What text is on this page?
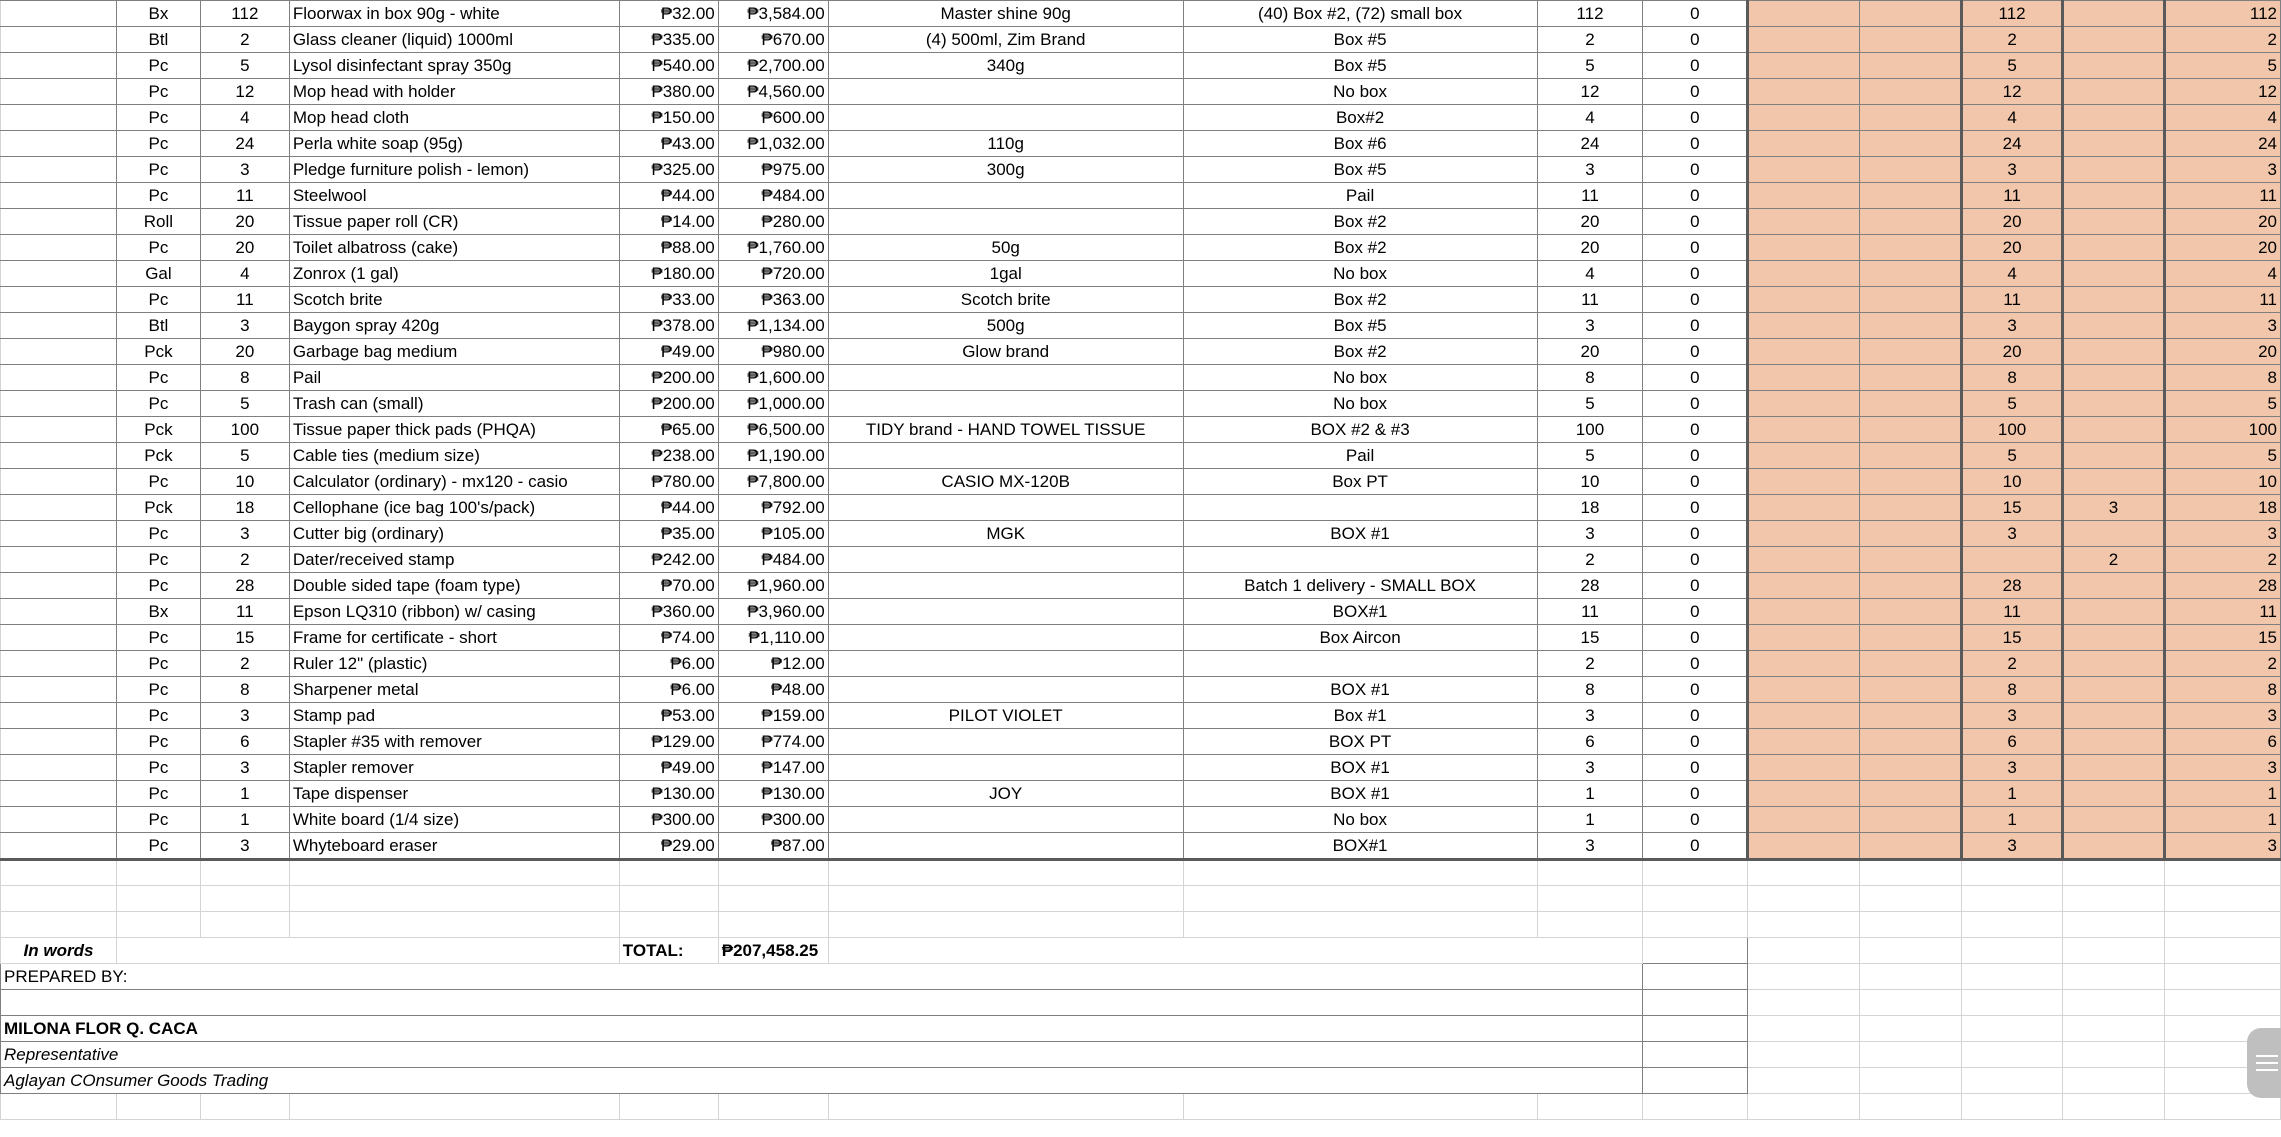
	Bx	112	Floorwax in box 90g - white	₱32.00	₱3,584.00	Master shine 90g	(40) Box #2, (72) small box	112	0			112		112
	Btl	2	Glass cleaner (liquid) 1000ml	₱335.00	₱670.00	(4) 500ml, Zim Brand	Box #5	2	0			2		2
	Pc	5	Lysol disinfectant spray 350g	₱540.00	₱2,700.00	340g	Box #5	5	0			5		5
	Pc	12	Mop head with holder	₱380.00	₱4,560.00		No box	12	0			12		12
	Pc	4	Mop head cloth	₱150.00	₱600.00		Box#2	4	0			4		4
	Pc	24	Perla white soap (95g)	₱43.00	₱1,032.00	110g	Box #6	24	0			24		24
	Pc	3	Pledge furniture polish - lemon)	₱325.00	₱975.00	300g	Box #5	3	0			3		3
	Pc	11	Steelwool	₱44.00	₱484.00		Pail	11	0			11		11
	Roll	20	Tissue paper roll (CR)	₱14.00	₱280.00		Box #2	20	0			20		20
	Pc	20	Toilet albatross (cake)	₱88.00	₱1,760.00	50g	Box #2	20	0			20		20
	Gal	4	Zonrox (1 gal)	₱180.00	₱720.00	1gal	No box	4	0			4		4
	Pc	11	Scotch brite	₱33.00	₱363.00	Scotch brite	Box #2	11	0			11		11
	Btl	3	Baygon spray 420g	₱378.00	₱1,134.00	500g	Box #5	3	0			3		3
	Pck	20	Garbage bag medium	₱49.00	₱980.00	Glow brand	Box #2	20	0			20		20
	Pc	8	Pail	₱200.00	₱1,600.00		No box	8	0			8		8
	Pc	5	Trash can (small)	₱200.00	₱1,000.00		No box	5	0			5		5
	Pck	100	Tissue paper thick pads (PHQA)	₱65.00	₱6,500.00	TIDY brand - HAND TOWEL TISSUE	BOX #2 & #3	100	0			100		100
	Pck	5	Cable ties (medium size)	₱238.00	₱1,190.00		Pail	5	0			5		5
	Pc	10	Calculator (ordinary) - mx120 - casio	₱780.00	₱7,800.00	CASIO MX-120B	Box PT	10	0			10		10
	Pck	18	Cellophane (ice bag 100's/pack)	₱44.00	₱792.00			18	0			15	3	18
	Pc	3	Cutter big (ordinary)	₱35.00	₱105.00	MGK	BOX #1	3	0			3		3
	Pc	2	Dater/received stamp	₱242.00	₱484.00			2	0				2	2
	Pc	28	Double sided tape (foam type)	₱70.00	₱1,960.00		Batch 1 delivery - SMALL BOX	28	0			28		28
	Bx	11	Epson LQ310 (ribbon) w/ casing	₱360.00	₱3,960.00		BOX#1	11	0			11		11
	Pc	15	Frame for certificate - short	₱74.00	₱1,110.00		Box Aircon	15	0			15		15
	Pc	2	Ruler 12" (plastic)	₱6.00	₱12.00			2	0			2		2
	Pc	8	Sharpener metal	₱6.00	₱48.00		BOX #1	8	0			8		8
	Pc	3	Stamp pad	₱53.00	₱159.00	PILOT VIOLET	Box #1	3	0			3		3
	Pc	6	Stapler #35 with remover	₱129.00	₱774.00		BOX PT	6	0			6		6
	Pc	3	Stapler remover	₱49.00	₱147.00		BOX #1	3	0			3		3
	Pc	1	Tape dispenser	₱130.00	₱130.00	JOY	BOX #1	1	0			1		1
	Pc	1	White board (1/4 size)	₱300.00	₱300.00		No box	1	0			1		1
	Pc	3	Whyteboard eraser	₱29.00	₱87.00		BOX#1	3	0			3		3

In words				TOTAL:	₱207,458.25									
PREPARED BY:														

MILONA FLOR Q. CACA														
Representative														
Aglayan COnsumer Goods Trading														
